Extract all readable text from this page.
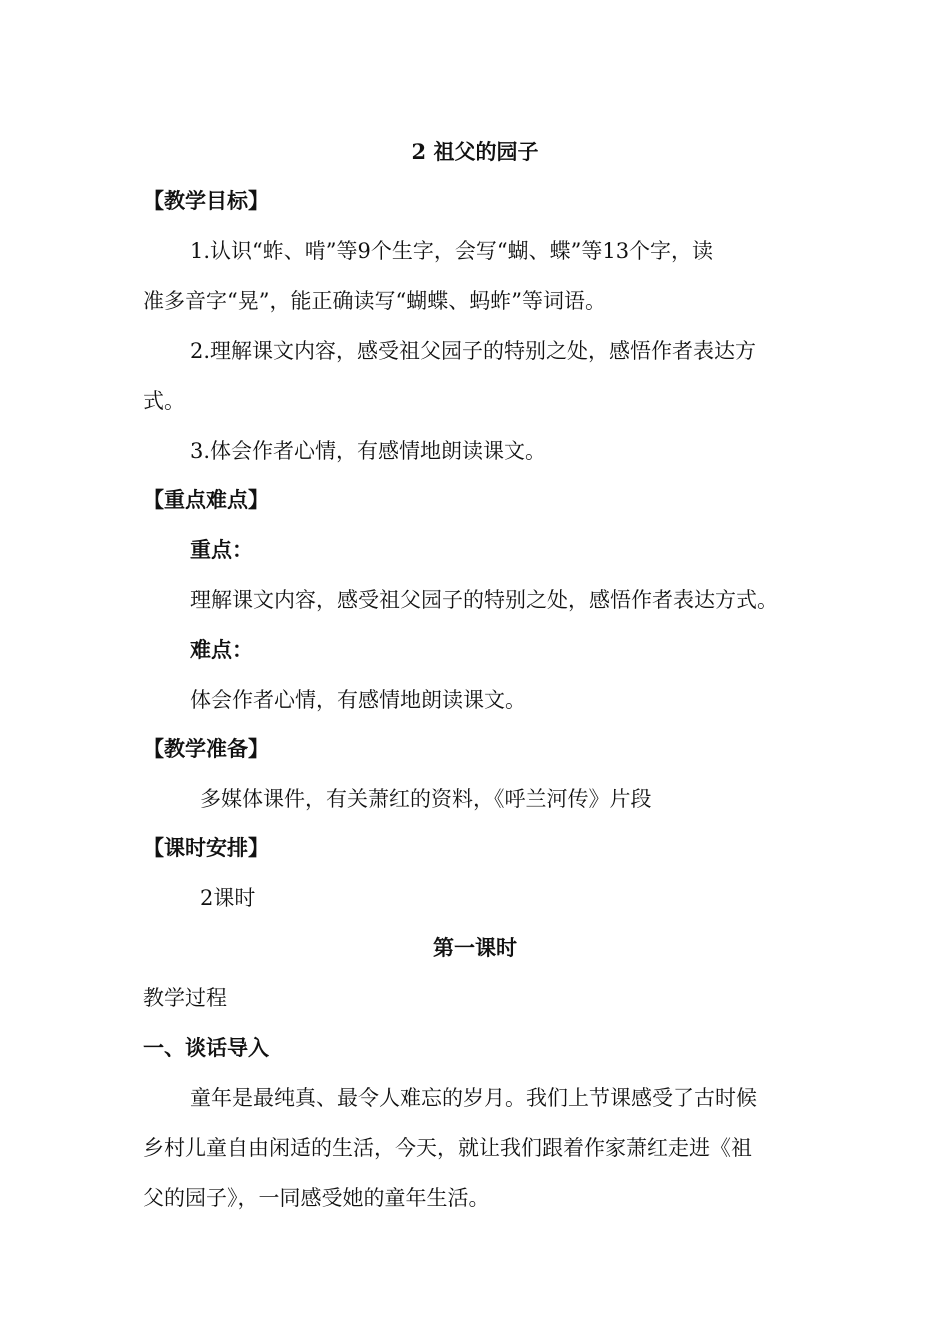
2 祖父的园子
【教学目标】
1.认识“蚱、啃”等9个生字，会写“蝴、蝶”等13个字，读
准多音字“晃”，能正确读写“蝴蝶、蚂蚱”等词语。
2.理解课文内容，感受祖父园子的特别之处，感悟作者表达方
式。
3.体会作者心情，有感情地朗读课文。
【重点难点】
重点：
理解课文内容，感受祖父园子的特别之处，感悟作者表达方式。
难点：
体会作者心情，有感情地朗读课文。
【教学准备】
多媒体课件，有关萧红的资料，《呼兰河传》片段
【课时安排】
2课时
第一课时
教学过程
一、谈话导入
童年是最纯真、最令人难忘的岁月。我们上节课感受了古时候
乡村儿童自由闲适的生活，今天，就让我们跟着作家萧红走进《祖
父的园子》，一同感受她的童年生活。
